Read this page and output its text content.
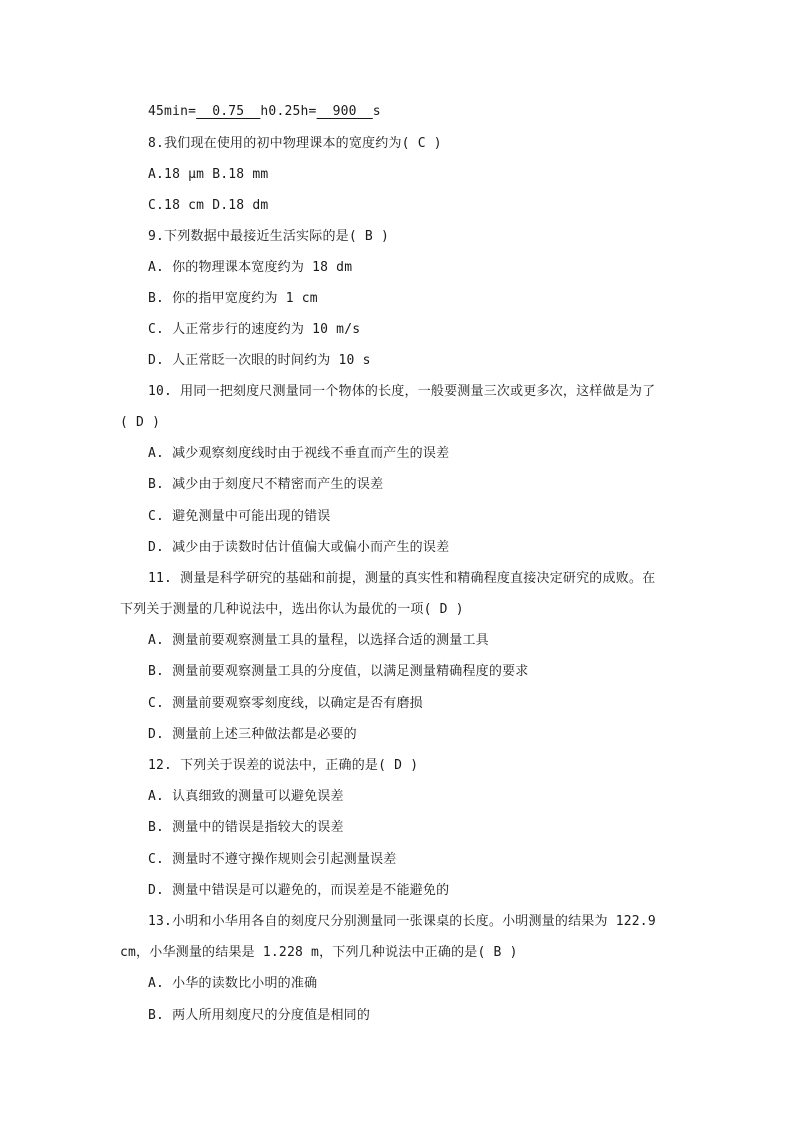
45min=  0.75  h0.25h=  900  s
8.我们现在使用的初中物理课本的宽度约为( C )
A.18 μm B.18 mm
C.18 cm D.18 dm
9.下列数据中最接近生活实际的是( B )
A. 你的物理课本宽度约为 18 dm
B. 你的指甲宽度约为 1 cm
C. 人正常步行的速度约为 10 m/s
D. 人正常眨一次眼的时间约为 10 s
10. 用同一把刻度尺测量同一个物体的长度，一般要测量三次或更多次，这样做是为了
( D )
A. 减少观察刻度线时由于视线不垂直而产生的误差
B. 减少由于刻度尺不精密而产生的误差
C. 避免测量中可能出现的错误
D. 减少由于读数时估计值偏大或偏小而产生的误差
11. 测量是科学研究的基础和前提，测量的真实性和精确程度直接决定研究的成败。在
下列关于测量的几种说法中，选出你认为最优的一项( D )
A. 测量前要观察测量工具的量程，以选择合适的测量工具
B. 测量前要观察测量工具的分度值，以满足测量精确程度的要求
C. 测量前要观察零刻度线，以确定是否有磨损
D. 测量前上述三种做法都是必要的
12. 下列关于误差的说法中，正确的是( D )
A. 认真细致的测量可以避免误差
B. 测量中的错误是指较大的误差
C. 测量时不遵守操作规则会引起测量误差
D. 测量中错误是可以避免的，而误差是不能避免的
13.小明和小华用各自的刻度尺分别测量同一张课桌的长度。小明测量的结果为 122.9
cm，小华测量的结果是 1.228 m，下列几种说法中正确的是( B )
A. 小华的读数比小明的准确
B. 两人所用刻度尺的分度值是相同的
